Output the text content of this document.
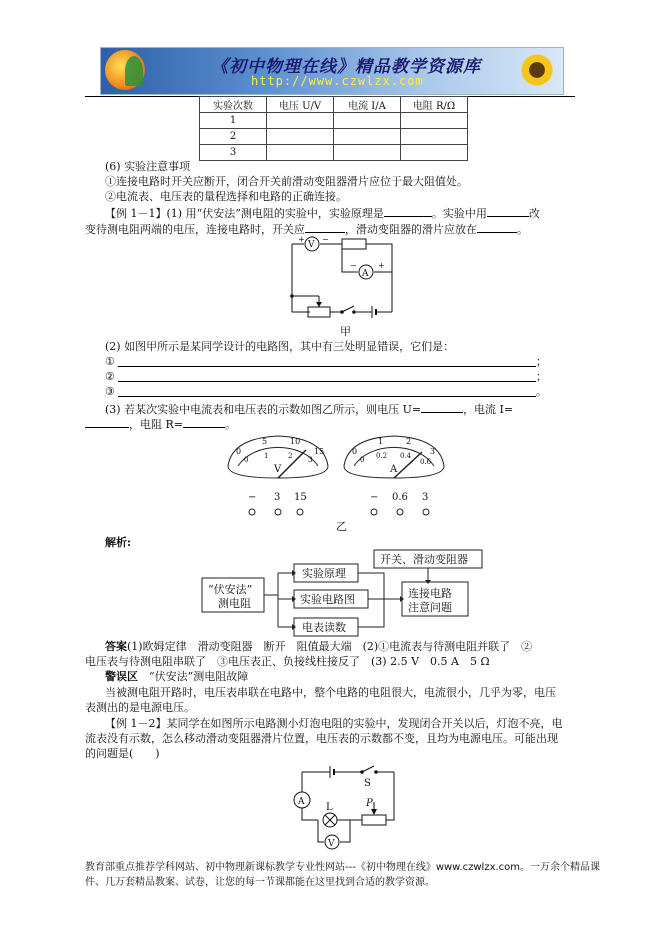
《初中物理在线》精品教学资源库
http://www.czwlzx.com
实验次数	电压 U/V	电流 I/A	电阻 R/Ω
1			
2			
3			
(6) 实验注意事项
①连接电路时开关应断开，闭合开关前滑动变阻器滑片应位于最大阻值处。
②电流表、电压表的量程选择和电路的正确连接。
【例 1－1】(1) 用“伏安法”测电阻的实验中，实验原理是	。实验中用	改
变待测电阻两端的电压，连接电路时，开关应	，滑动变阻器的滑片应放在	。
V
A
+ −
−	+
甲
(2) 如图甲所示是某同学设计的电路图，其中有三处明显错误，它们是：
①	；
②	；
③	。
(3) 若某次实验中电流表和电压表的示数如图乙所示，则电压 U=	，电流 I=
，电阻 R=	。
0
5	10
15
0 1	2 3
V
− 3 15
0
1	2
3
0 0.2 0.4
0.6
A
− 0.6 3
乙
解析:
“伏安法”
测电阻
实验原理
实验电路图
电表读数
开关、滑动变阻器
连接电路
注意问题
答案(1)欧姆定律　滑动变阻器　断开　阻值最大端　(2)①电流表与待测电阻并联了　②
电压表与待测电阻串联了　③电压表正、负接线柱接反了　(3) 2.5 V　0.5 A　5 Ω
警误区　 “伏安法”测电阻故障
当被测电阻开路时，电压表串联在电路中，整个电路的电阻很大，电流很小，几乎为零，电压
表测出的是电源电压。
【例 1－2】某同学在如图所示电路测小灯泡电阻的实验中，发现闭合开关以后，灯泡不亮，电
流表没有示数，怎么移动滑动变阻器滑片位置，电压表的示数都不变，且均为电源电压。可能出现
的问题是(　　)
A
S
L	P
V
教育部重点推荐学科网站、初中物理新课标教学专业性网站---《初中物理在线》www.czwlzx.com。一万余个精品课
件、几万套精品教案、试卷，让您的每一节课都能在这里找到合适的教学资源。
